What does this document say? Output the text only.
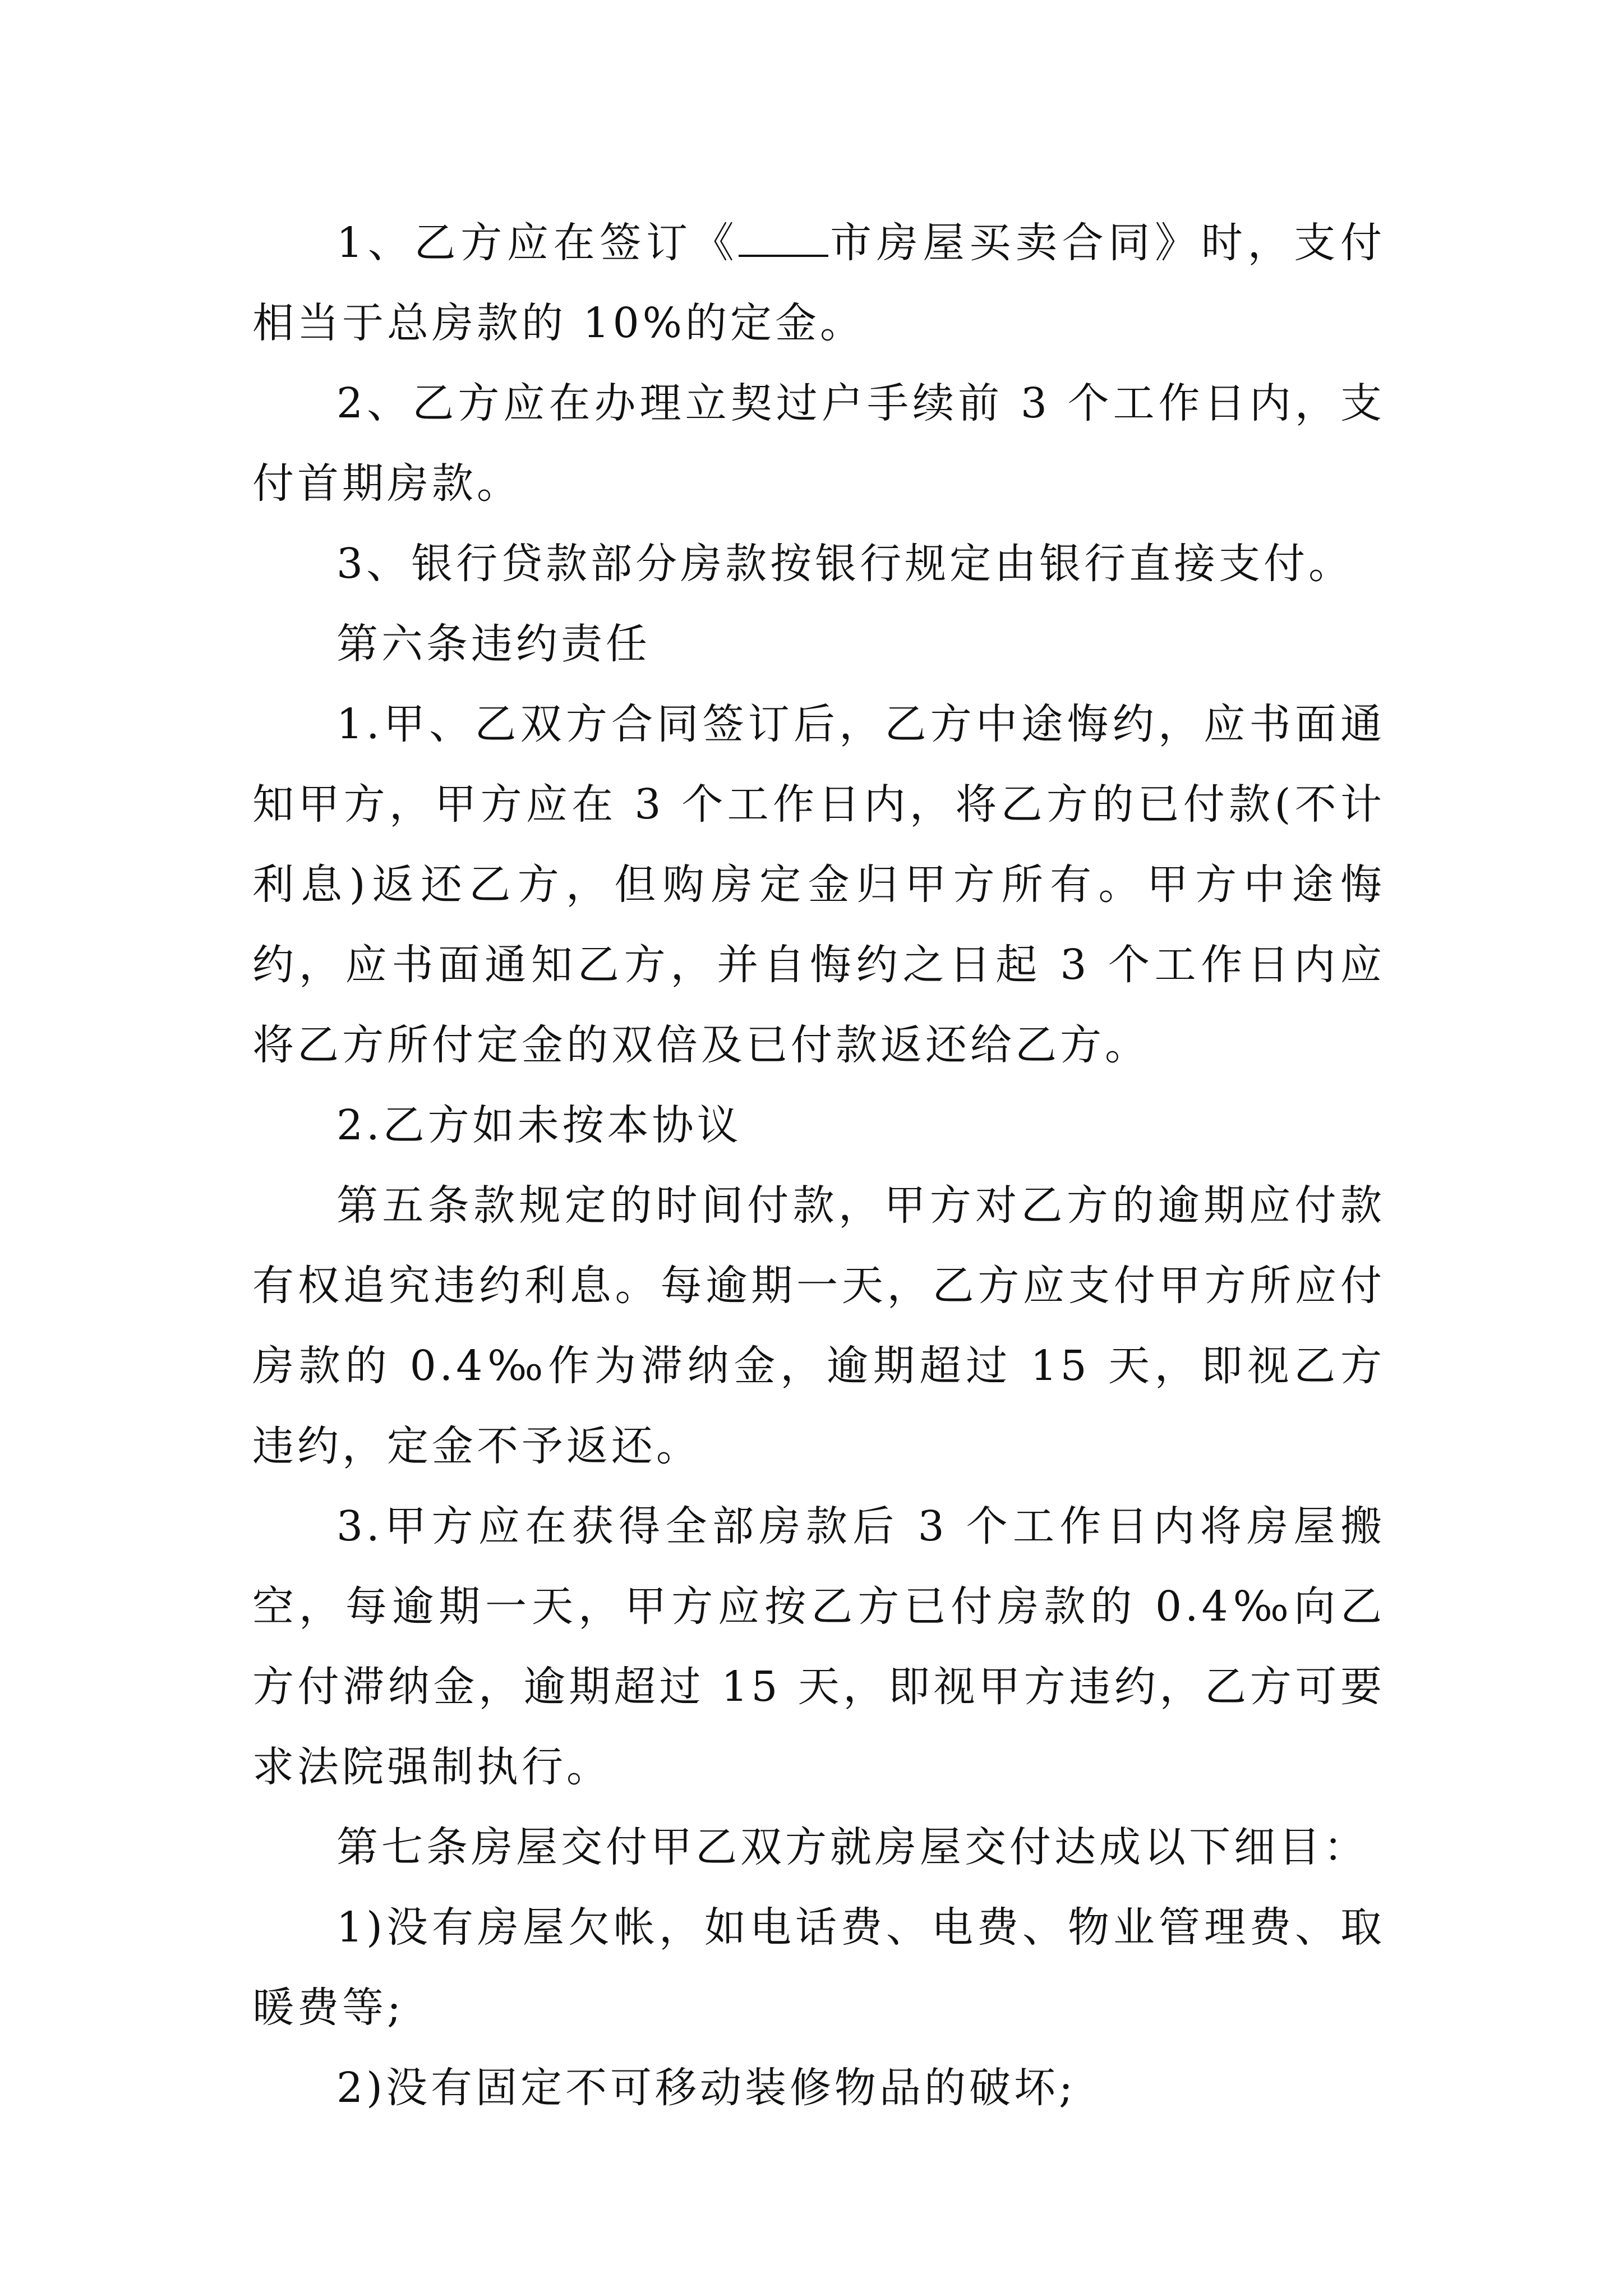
1、乙方应在签订《 市房屋买卖合同》时，支付相当于总房款的 10%的定金。

2、乙方应在办理立契过户手续前 3 个工作日内，支付首期房款。

3、银行贷款部分房款按银行规定由银行直接支付。

第六条违约责任

1.甲、乙双方合同签订后，乙方中途悔约，应书面通知甲方，甲方应在 3 个工作日内，将乙方的已付款(不计利息)返还乙方，但购房定金归甲方所有。甲方中途悔约，应书面通知乙方，并自悔约之日起 3 个工作日内应将乙方所付定金的双倍及已付款返还给乙方。

2.乙方如未按本协议

第五条款规定的时间付款，甲方对乙方的逾期应付款有权追究违约利息。每逾期一天，乙方应支付甲方所应付房款的 0.4‰作为滞纳金，逾期超过 15 天，即视乙方违约，定金不予返还。

3.甲方应在获得全部房款后 3 个工作日内将房屋搬空，每逾期一天，甲方应按乙方已付房款的 0.4‰向乙方付滞纳金，逾期超过 15 天，即视甲方违约，乙方可要求法院强制执行。

第七条房屋交付甲乙双方就房屋交付达成以下细目：

1)没有房屋欠帐，如电话费、电费、物业管理费、取暖费等;

2)没有固定不可移动装修物品的破坏;
